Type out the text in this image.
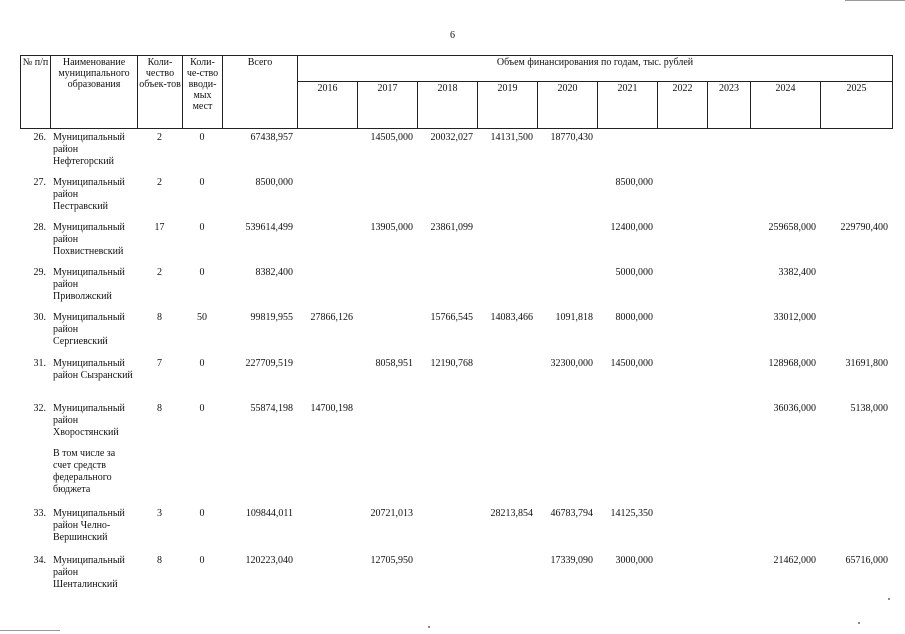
6
№ п/п	Наименование муниципального образования	Коли-чество объек-тов	Коли-че-ство вводи-мых мест	Всего	Объем финансирования по годам, тыс. рублей									
					2016	2017	2018	2019	2020	2021	2022	2023	2024	2025
26.	Муниципальный район Нефтегорский	2	0	67438,957		14505,000	20032,027	14131,500	18770,430					
27.	Муниципальный район Пестравский	2	0	8500,000						8500,000				
28.	Муниципальный район Похвистневский	17	0	539614,499		13905,000	23861,099			12400,000			259658,000	229790,400
29.	Муниципальный район Приволжский	2	0	8382,400						5000,000			3382,400	
30.	Муниципальный район Сергиевский	8	50	99819,955	27866,126		15766,545	14083,466	1091,818	8000,000			33012,000	
31.	Муниципальный район Сызранский	7	0	227709,519		8058,951	12190,768		32300,000	14500,000			128968,000	31691,800
32.	Муниципальный район Хворостянский	8	0	55874,198	14700,198								36036,000	5138,000
	В том числе за счет средств федерального бюджета													
33.	Муниципальный район Челно-Вершинский	3	0	109844,011		20721,013		28213,854	46783,794	14125,350				
34.	Муниципальный район Шенталинский	8	0	120223,040		12705,950			17339,090	3000,000			21462,000	65716,000
